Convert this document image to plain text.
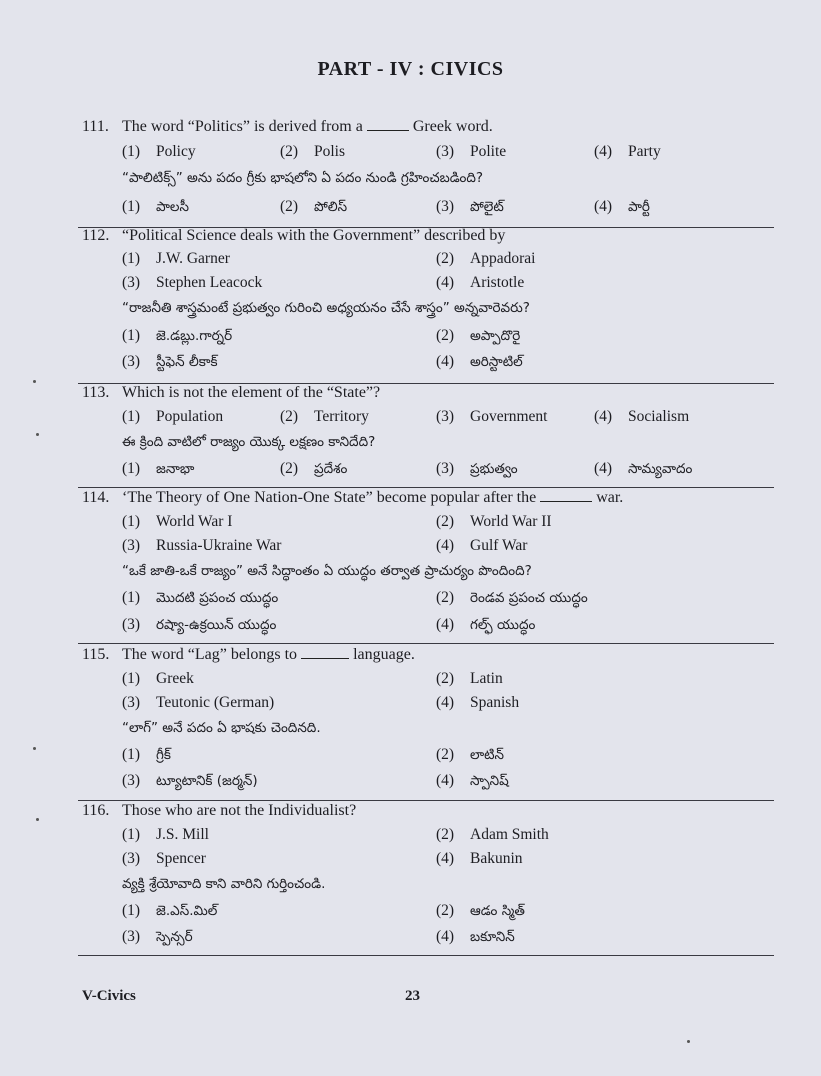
PART - IV : CIVICS
111. The word “Politics” is derived from a	Greek word.
(1) Policy	(2) Polis	(3) Polite	(4) Party
“పాలిటిక్స్” అను పదం గ్రీకు భాషలోని ఏ పదం నుండి గ్రహించబడింది?
(1) పాలసీ	(2) పోలిస్	(3) పోలైట్	(4) పార్టీ
112. “Political Science deals with the Government” described by
(1) J.W. Garner	(2) Appadorai
(3) Stephen Leacock	(4) Aristotle
“రాజనీతి శాస్త్రమంటే ప్రభుత్వం గురించి అధ్యయనం చేసే శాస్త్రం” అన్నవారెవరు?
(1) జె.డబ్లు.గార్నర్	(2) అప్పాదొరై
(3) స్టీఫెన్ లీకాక్	(4) అరిస్టాటిల్
113. Which is not the element of the “State”?
(1) Population	(2) Territory	(3) Government	(4) Socialism
ఈ క్రింది వాటిలో రాజ్యం యొక్క లక్షణం కానిదేది?
(1) జనాభా	(2) ప్రదేశం	(3) ప్రభుత్వం	(4) సామ్యవాదం
114. ‘The Theory of One Nation-One State” become popular after the	war.
(1) World War I	(2) World War II
(3) Russia-Ukraine War	(4) Gulf War
“ఒకే జాతి-ఒకే రాజ్యం” అనే సిద్ధాంతం ఏ యుద్ధం తర్వాత ప్రాచుర్యం పొందింది?
(1) మొదటి ప్రపంచ యుద్ధం	(2) రెండవ ప్రపంచ యుద్ధం
(3) రష్యా-ఉక్రయిన్ యుద్ధం	(4) గల్ఫ్ యుద్ధం
115. The word “Lag” belongs to	language.
(1) Greek	(2) Latin
(3) Teutonic (German)	(4) Spanish
“లాగ్” అనే పదం ఏ భాషకు చెందినది.
(1) గ్రీక్	(2) లాటిన్
(3) ట్యూటానిక్ (జర్మన్)	(4) స్పానిష్
116. Those who are not the Individualist?
(1) J.S. Mill	(2) Adam Smith
(3) Spencer	(4) Bakunin
వ్యక్తి శ్రేయోవాది కాని వారిని గుర్తించండి.
(1) జె.ఎస్.మిల్	(2) ఆడం స్మిత్
(3) స్పెన్సర్	(4) బకూనిన్
V-Civics	23
